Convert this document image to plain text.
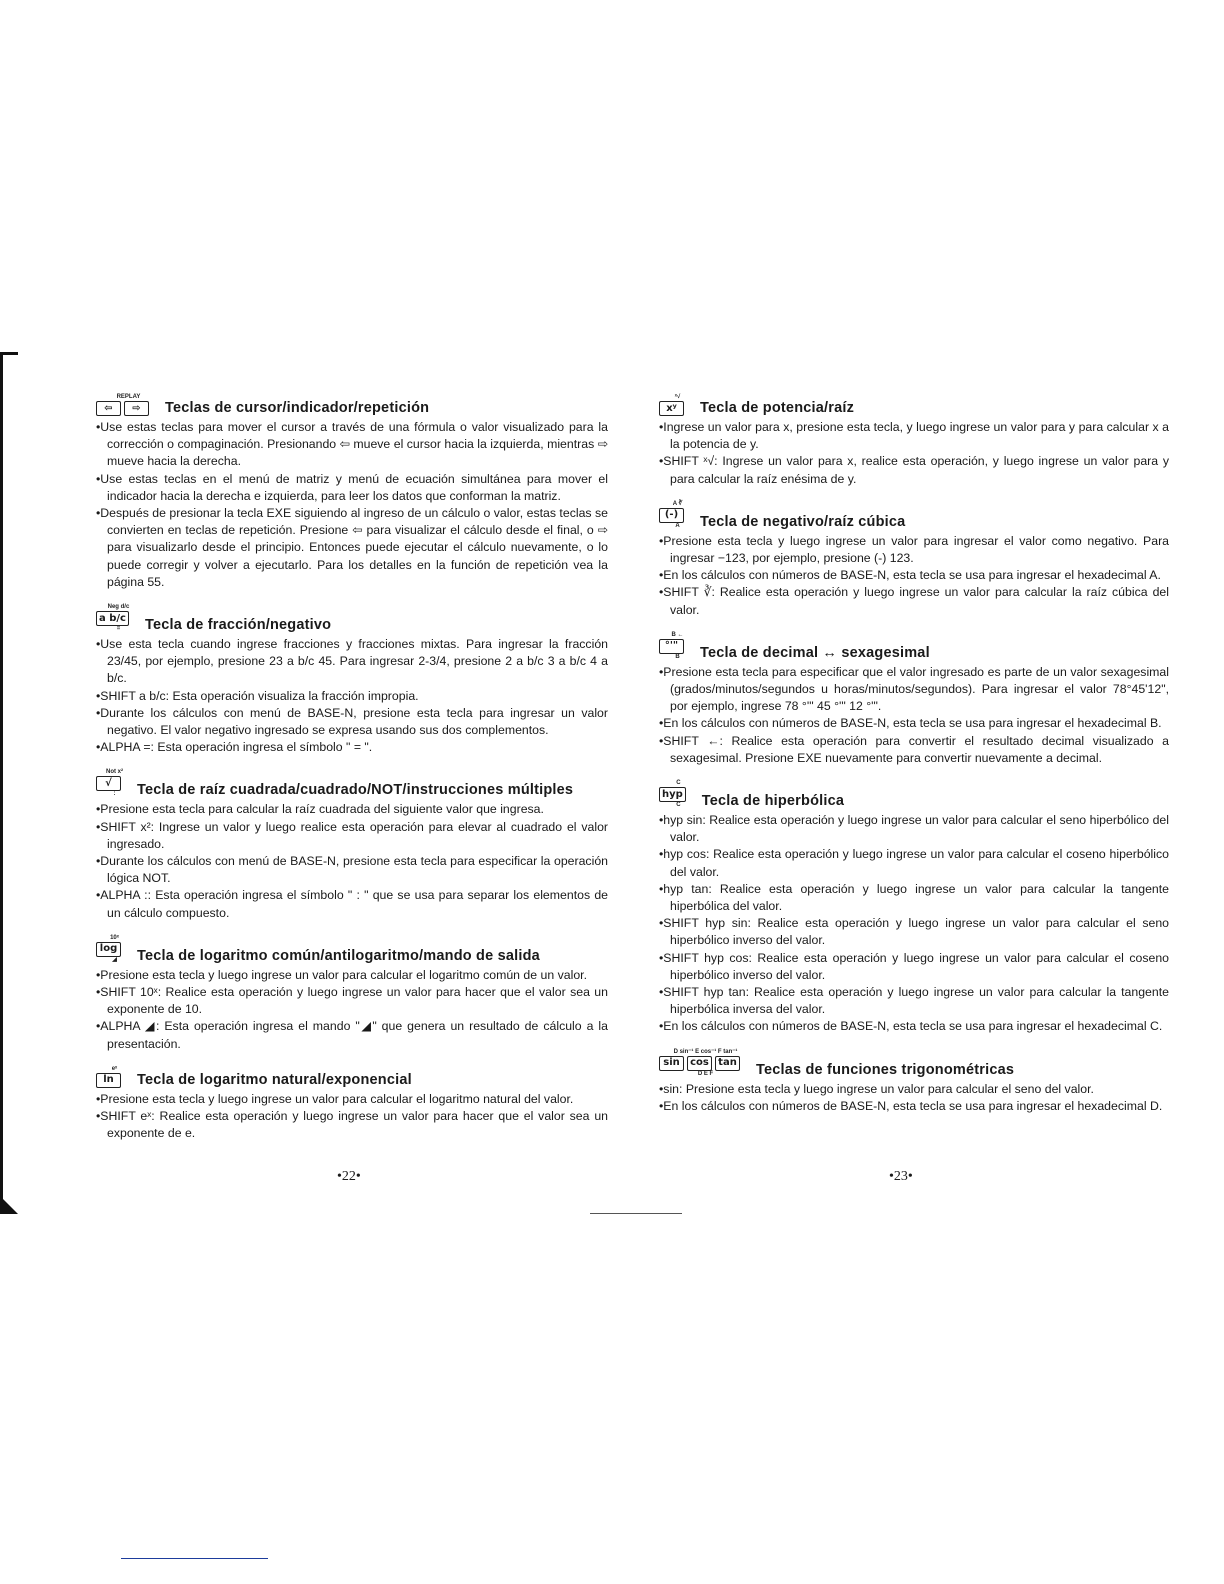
REPLAY
⇦	⇨	Teclas de cursor/indicador/repetición

•Use estas teclas para mover el cursor a través de una fórmula o valor visualizado para la corrección o compaginación. Presionando ⇦ mueve el cursor hacia la izquierda, mientras ⇨ mueve hacia la derecha.

•Use estas teclas en el menú de matriz y menú de ecuación simultánea para mover el indicador hacia la derecha e izquierda, para leer los datos que conforman la matriz.

•Después de presionar la tecla EXE siguiendo al ingreso de un cálculo o valor, estas teclas se convierten en teclas de repetición. Presione ⇦ para visualizar el cálculo desde el final, o ⇨ para visualizarlo desde el principio. Entonces puede ejecutar el cálculo nuevamente, o lo puede corregir y volver a ejecutarlo. Para los detalles en la función de repetición vea la página 55.

Neg d/c
a b/c
= Tecla de fracción/negativo

•Use esta tecla cuando ingrese fracciones y fracciones mixtas. Para ingresar la fracción 23/45, por ejemplo, presione 23 a b/c 45. Para ingresar 2-3/4, presione 2 a b/c 3 a b/c 4 a b/c.

•SHIFT a b/c: Esta operación visualiza la fracción impropia.

•Durante los cálculos con menú de BASE-N, presione esta tecla para ingresar un valor negativo. El valor negativo ingresado se expresa usando sus dos complementos.

•ALPHA =: Esta operación ingresa el símbolo " = ".

Not x²
√
: Tecla de raíz cuadrada/cuadrado/NOT/instrucciones múltiples

•Presione esta tecla para calcular la raíz cuadrada del siguiente valor que ingresa.

•SHIFT x²: Ingrese un valor y luego realice esta operación para elevar al cuadrado el valor ingresado.

•Durante los cálculos con menú de BASE-N, presione esta tecla para especificar la operación lógica NOT.

•ALPHA :: Esta operación ingresa el símbolo " : " que se usa para separar los elementos de un cálculo compuesto.

10ˣ
log
◢ Tecla de logaritmo común/antilogaritmo/mando de salida

•Presione esta tecla y luego ingrese un valor para calcular el logaritmo común de un valor.

•SHIFT 10ˣ: Realice esta operación y luego ingrese un valor para hacer que el valor sea un exponente de 10.

•ALPHA ◢: Esta operación ingresa el mando "◢" que genera un resultado de cálculo a la presentación.

eˣ
ln	Tecla de logaritmo natural/exponencial

•Presione esta tecla y luego ingrese un valor para calcular el logaritmo natural del valor.

•SHIFT eˣ: Realice esta operación y luego ingrese un valor para hacer que el valor sea un exponente de e.

ˣ√
xʸ	Tecla de potencia/raíz

•Ingrese un valor para x, presione esta tecla, y luego ingrese un valor para y para calcular x a la potencia de y.

•SHIFT ˣ√: Ingrese un valor para x, realice esta operación, y luego ingrese un valor para y para calcular la raíz enésima de y.

A ∛
(-)
A Tecla de negativo/raíz cúbica

•Presione esta tecla y luego ingrese un valor para ingresar el valor como negativo. Para ingresar −123, por ejemplo, presione (-) 123.

•En los cálculos con números de BASE-N, esta tecla se usa para ingresar el hexadecimal A.

•SHIFT ∛: Realice esta operación y luego ingrese un valor para calcular la raíz cúbica del valor.

B ←
°'"
B Tecla de decimal ↔ sexagesimal

•Presione esta tecla para especificar que el valor ingresado es parte de un valor sexagesimal (grados/minutos/segundos u horas/minutos/segundos). Para ingresar el valor 78°45'12", por ejemplo, ingrese 78 °'" 45 °'" 12 °'".

•En los cálculos con números de BASE-N, esta tecla se usa para ingresar el hexadecimal B.

•SHIFT ←: Realice esta operación para convertir el resultado decimal visualizado a sexagesimal. Presione EXE nuevamente para convertir nuevamente a decimal.

C
hyp
C Tecla de hiperbólica

•hyp sin: Realice esta operación y luego ingrese un valor para calcular el seno hiperbólico del valor.

•hyp cos: Realice esta operación y luego ingrese un valor para calcular el coseno hiperbólico del valor.

•hyp tan: Realice esta operación y luego ingrese un valor para calcular la tangente hiperbólica del valor.

•SHIFT hyp sin: Realice esta operación y luego ingrese un valor para calcular el seno hiperbólico inverso del valor.

•SHIFT hyp cos: Realice esta operación y luego ingrese un valor para calcular el coseno hiperbólico inverso del valor.

•SHIFT hyp tan: Realice esta operación y luego ingrese un valor para calcular la tangente hiperbólica inversa del valor.

•En los cálculos con números de BASE-N, esta tecla se usa para ingresar el hexadecimal C.

D sin⁻¹ E cos⁻¹ F tan⁻¹
sin	cos tan
D E F	Teclas de funciones trigonométricas

•sin: Presione esta tecla y luego ingrese un valor para calcular el seno del valor.

•En los cálculos con números de BASE-N, esta tecla se usa para ingresar el hexadecimal D.

•22•	•23•
